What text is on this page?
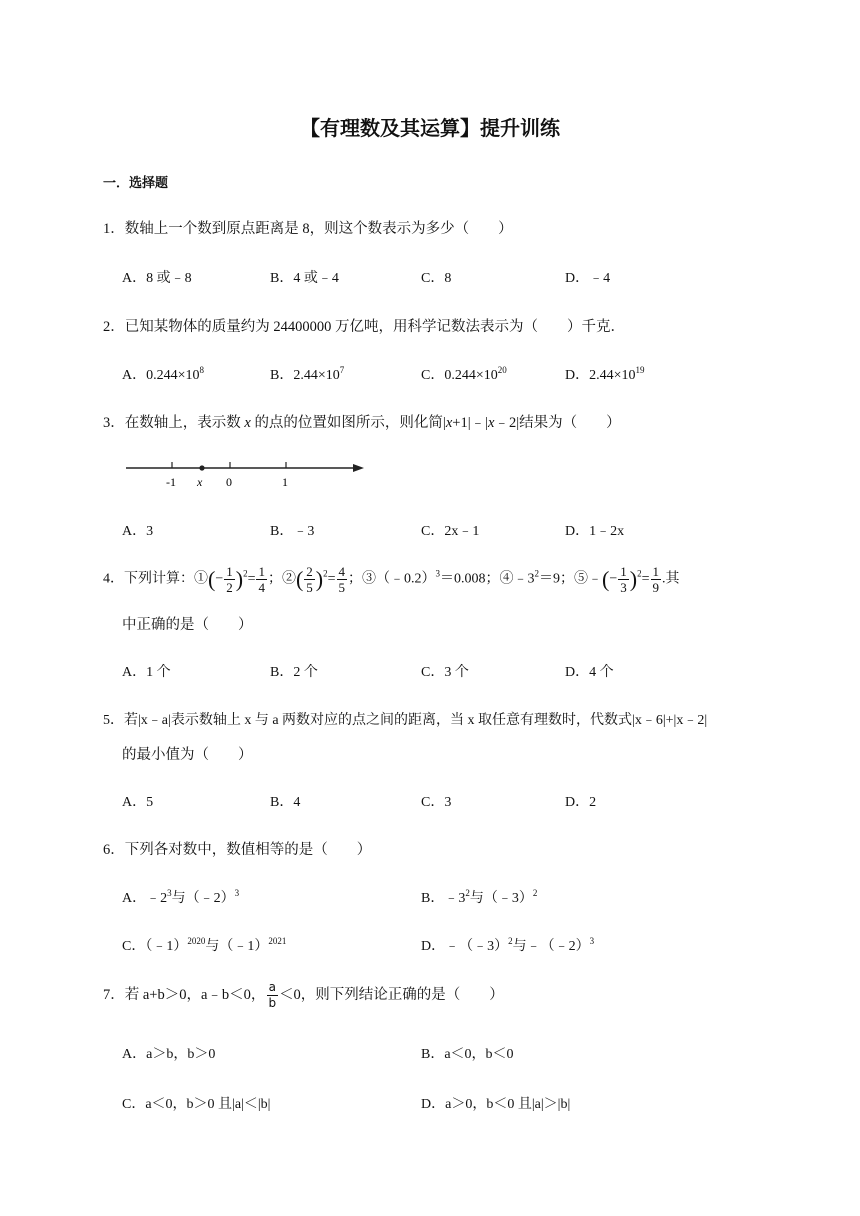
【有理数及其运算】提升训练
一．选择题
1．数轴上一个数到原点距离是 8，则这个数表示为多少（　　）
A．8 或﹣8	B．4 或﹣4	C．8	D．﹣4
2．已知某物体的质量约为 24400000 万亿吨，用科学记数法表示为（　　）千克．
A．$0.244\times 10^8$	B．$2.44\times 10^7$	C．$0.244\times 10^{20}$	D．$2.44\times 10^{19}$
3．在数轴上，表示数 x 的点的位置如图所示，则化简|x+1|﹣|x﹣2|结果为（　　）
-1 x 0	1
A．3	B．﹣3	C．2x﹣1	D．1﹣2x
4．下列计算：①(− $\frac{1}{2} )^2= \frac{1}{4}$ ；②( $\frac{2}{5} )^2= \frac{4}{5}$ ；③（﹣0.2）$^3$＝0.008；$④﹣3^2=9$；⑤﹣(− $\frac{1}{3} )^2= \frac{1}{9}$ .其
中正确的是（　　）
A．1 个	B．2 个	C．3 个	D．4 个
5．若|x﹣a|表示数轴上 x 与 a 两数对应的点之间的距离，当 x 取任意有理数时，代数式|x﹣6|+|x﹣2|
的最小值为（　　）
A．5	B．4	C．3	D．2
6．下列各对数中，数值相等的是（　　）
A．$﹣2^3$与（﹣2）$^3$	B．$﹣3^2$与（﹣3）$^2$
C．（﹣1）$^{2020}$与（﹣1）$^{2021}$	D．﹣（﹣3）$^2$与﹣（﹣2）$^3$
7．若 a+b＞0，a﹣b＜0， $\frac{a}{b} <0$，则下列结论正确的是（　　）
A．a＞b，b＞0	B．a＜0，b＜0
C．a＜0，b＞0 且|a|＜|b|	D．a＞0，b＜0 且|a|＞|b|
